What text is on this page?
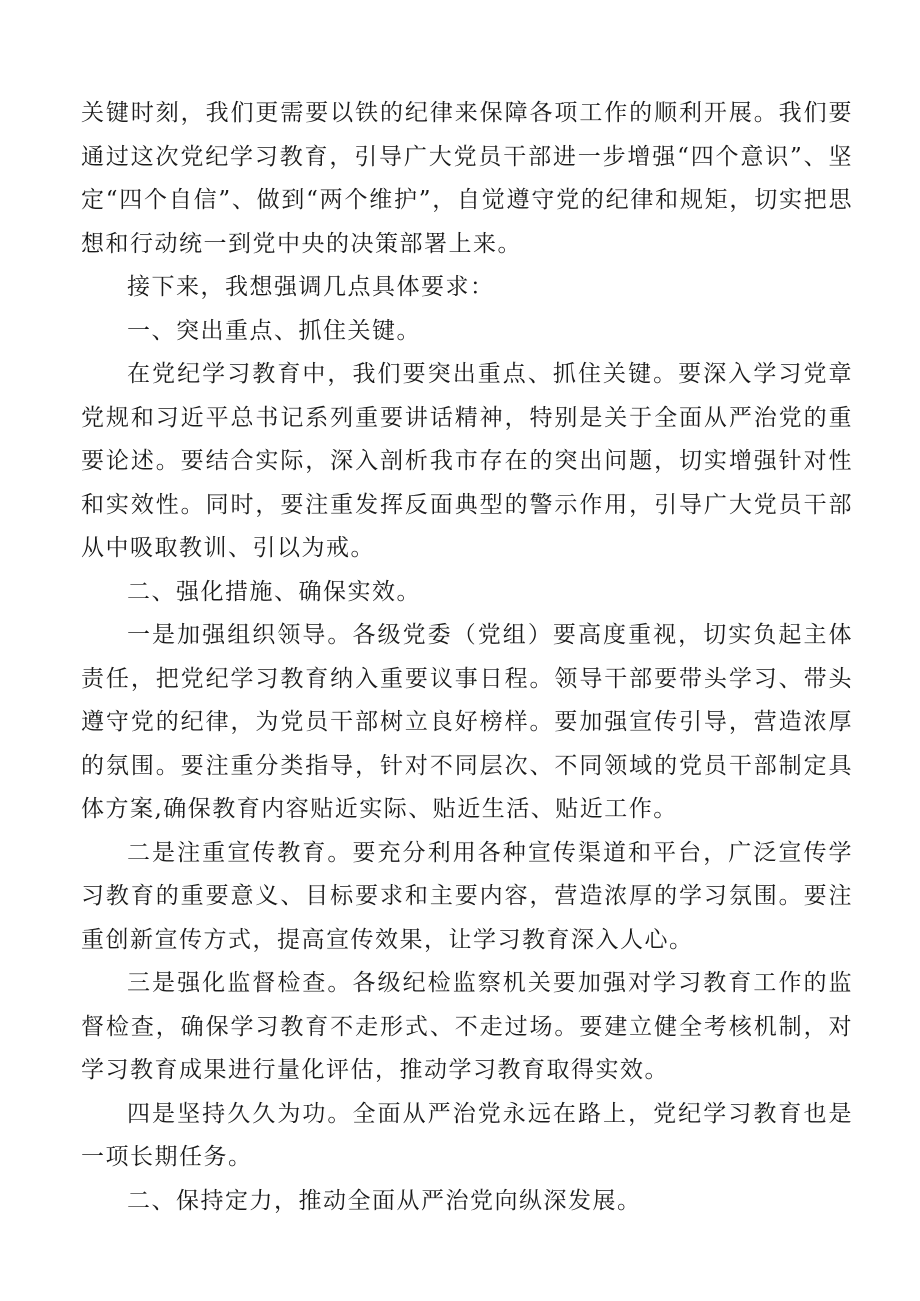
关键时刻，我们更需要以铁的纪律来保障各项工作的顺利开展。我们要通过这次党纪学习教育，引导广大党员干部进一步增强“四个意识”、坚定“四个自信”、做到“两个维护”，自觉遵守党的纪律和规矩，切实把思想和行动统一到党中央的决策部署上来。

接下来，我想强调几点具体要求：

一、突出重点、抓住关键。

在党纪学习教育中，我们要突出重点、抓住关键。要深入学习党章党规和习近平总书记系列重要讲话精神，特别是关于全面从严治党的重要论述。要结合实际，深入剖析我市存在的突出问题，切实增强针对性和实效性。同时，要注重发挥反面典型的警示作用，引导广大党员干部从中吸取教训、引以为戒。

二、强化措施、确保实效。

一是加强组织领导。各级党委（党组）要高度重视，切实负起主体责任，把党纪学习教育纳入重要议事日程。领导干部要带头学习、带头遵守党的纪律，为党员干部树立良好榜样。要加强宣传引导，营造浓厚的氛围。要注重分类指导，针对不同层次、不同领域的党员干部制定具体方案,确保教育内容贴近实际、贴近生活、贴近工作。

二是注重宣传教育。要充分利用各种宣传渠道和平台，广泛宣传学习教育的重要意义、目标要求和主要内容，营造浓厚的学习氛围。要注重创新宣传方式，提高宣传效果，让学习教育深入人心。

三是强化监督检查。各级纪检监察机关要加强对学习教育工作的监督检查，确保学习教育不走形式、不走过场。要建立健全考核机制，对学习教育成果进行量化评估，推动学习教育取得实效。

四是坚持久久为功。全面从严治党永远在路上，党纪学习教育也是一项长期任务。

二、保持定力，推动全面从严治党向纵深发展。
